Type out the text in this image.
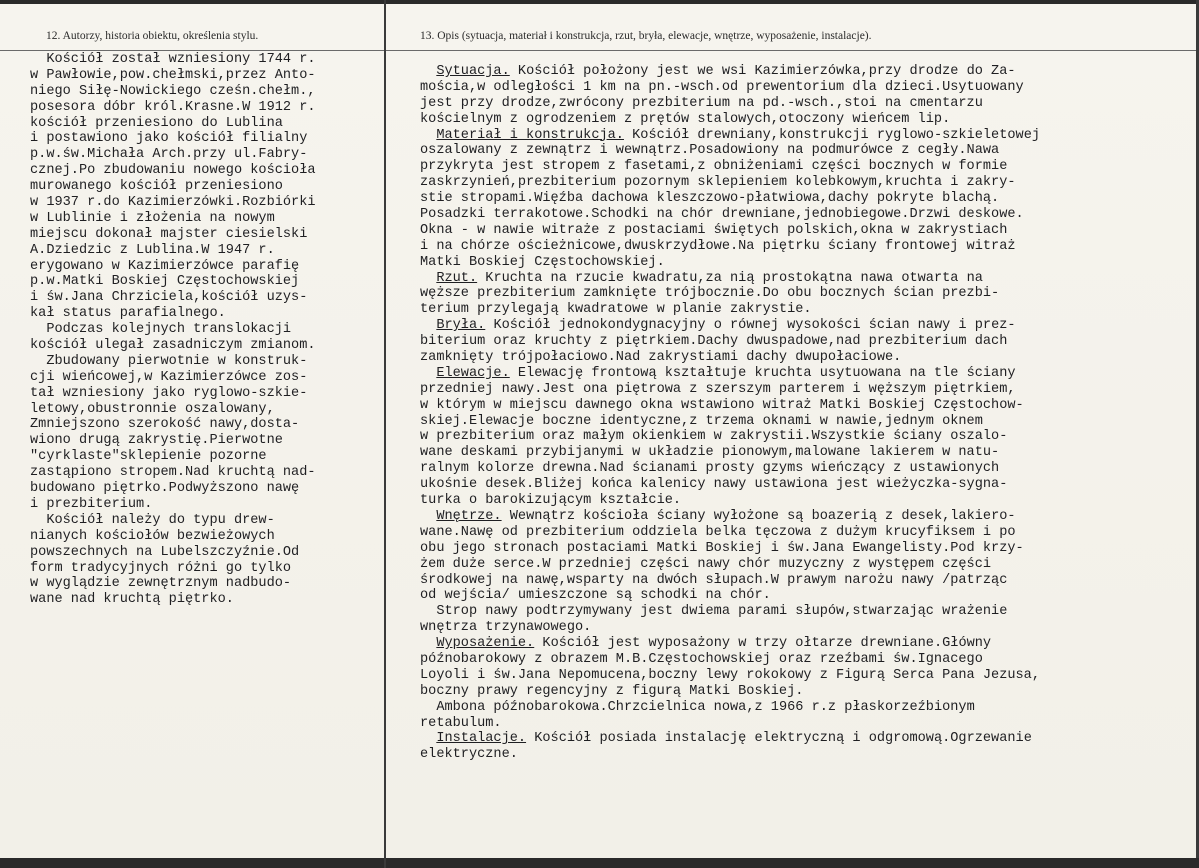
12. Autorzy, historia obiektu, określenia stylu.	13. Opis (sytuacja, materiał i konstrukcja, rzut, bryła, elewacje, wnętrze, wyposażenie, instalacje).
Kościół został wzniesiony 1744 r.
w Pawłowie,pow.chełmski,przez Anto-
niego Siłę-Nowickiego cześn.chełm.,
posesora dóbr król.Krasne.W 1912 r.
kościół przeniesiono do Lublina
i postawiono jako kościół filialny
p.w.św.Michała Arch.przy ul.Fabry-
cznej.Po zbudowaniu nowego kościoła
murowanego kościół przeniesiono
w 1937 r.do Kazimierzówki.Rozbiórki
w Lublinie i złożenia na nowym
miejscu dokonał majster ciesielski
A.Dziedzic z Lublina.W 1947 r.
erygowano w Kazimierzówce parafię
p.w.Matki Boskiej Częstochowskiej
i św.Jana Chrziciela,kościół uzys-
kał status parafialnego.
Podczas kolejnych translokacji
kościół ulegał zasadniczym zmianom.
Zbudowany pierwotnie w konstruk-
cji wieńcowej,w Kazimierzówce zos-
tał wzniesiony jako ryglowo-szkie-
letowy,obustronnie oszalowany,
Zmniejszono szerokość nawy,dosta-
wiono drugą zakrystię.Pierwotne
"cyrklaste"sklepienie pozorne
zastąpiono stropem.Nad kruchtą nad-
budowano piętrko.Podwyższono nawę
i prezbiterium.
Kościół należy do typu drew-
nianych kościołów bezwieżowych
powszechnych na Lubelszczyźnie.Od
form tradycyjnych różni go tylko
w wyglądzie zewnętrznym nadbudo-
wane nad kruchtą piętrko.
Sytuacja. Kościół położony jest we wsi Kazimierzówka,przy drodze do Za-
mościa,w odległości 1 km na pn.-wsch.od prewentorium dla dzieci.Usytuowany
jest przy drodze,zwrócony prezbiterium na pd.-wsch.,stoi na cmentarzu
kościelnym z ogrodzeniem z prętów stalowych,otoczony wieńcem lip.
Materiał i konstrukcja. Kościół drewniany,konstrukcji ryglowo-szkieletowej
oszalowany z zewnątrz i wewnątrz.Posadowiony na podmurówce z cegły.Nawa
przykryta jest stropem z fasetami,z obniżeniami części bocznych w formie
zaskrzynień,prezbiterium pozornym sklepieniem kolebkowym,kruchta i zakry-
stie stropami.Więźba dachowa kleszczowo-płatwiowa,dachy pokryte blachą.
Posadzki terrakotowe.Schodki na chór drewniane,jednobiegowe.Drzwi deskowe.
Okna - w nawie witraże z postaciami świętych polskich,okna w zakrystiach
i na chórze ościeżnicowe,dwuskrzydłowe.Na piętrku ściany frontowej witraż
Matki Boskiej Częstochowskiej.
Rzut. Kruchta na rzucie kwadratu,za nią prostokątna nawa otwarta na
węższe prezbiterium zamknięte trójbocznie.Do obu bocznych ścian prezbi-
terium przylegają kwadratowe w planie zakrystie.
Bryła. Kościół jednokondygnacyjny o równej wysokości ścian nawy i prez-
biterium oraz kruchty z piętrkiem.Dachy dwuspadowe,nad prezbiterium dach
zamknięty trójpołaciowo.Nad zakrystiami dachy dwupołaciowe.
Elewacje. Elewację frontową kształtuje kruchta usytuowana na tle ściany
przedniej nawy.Jest ona piętrowa z szerszym parterem i węższym piętrkiem,
w którym w miejscu dawnego okna wstawiono witraż Matki Boskiej Częstochow-
skiej.Elewacje boczne identyczne,z trzema oknami w nawie,jednym oknem
w prezbiterium oraz małym okienkiem w zakrystii.Wszystkie ściany oszalo-
wane deskami przybijanymi w układzie pionowym,malowane lakierem w natu-
ralnym kolorze drewna.Nad ścianami prosty gzyms wieńczący z ustawionych
ukośnie desek.Bliżej końca kalenicy nawy ustawiona jest wieżyczka-sygna-
turka o barokizującym kształcie.
Wnętrze. Wewnątrz kościoła ściany wyłożone są boazerią z desek,lakiero-
wane.Nawę od prezbiterium oddziela belka tęczowa z dużym krucyfiksem i po
obu jego stronach postaciami Matki Boskiej i św.Jana Ewangelisty.Pod krzy-
żem duże serce.W przedniej części nawy chór muzyczny z występem części
środkowej na nawę,wsparty na dwóch słupach.W prawym narożu nawy /patrząc
od wejścia/ umieszczone są schodki na chór.
Strop nawy podtrzymywany jest dwiema parami słupów,stwarzając wrażenie
wnętrza trzynawowego.
Wyposażenie. Kościół jest wyposażony w trzy ołtarze drewniane.Główny
późnobarokowy z obrazem M.B.Częstochowskiej oraz rzeźbami św.Ignacego
Loyoli i św.Jana Nepomucena,boczny lewy rokokowy z Figurą Serca Pana Jezusa,
boczny prawy regencyjny z figurą Matki Boskiej.
Ambona późnobarokowa.Chrzcielnica nowa,z 1966 r.z płaskorzeźbionym
retabulum.
Instalacje. Kościół posiada instalację elektryczną i odgromową.Ogrzewanie
elektryczne.
